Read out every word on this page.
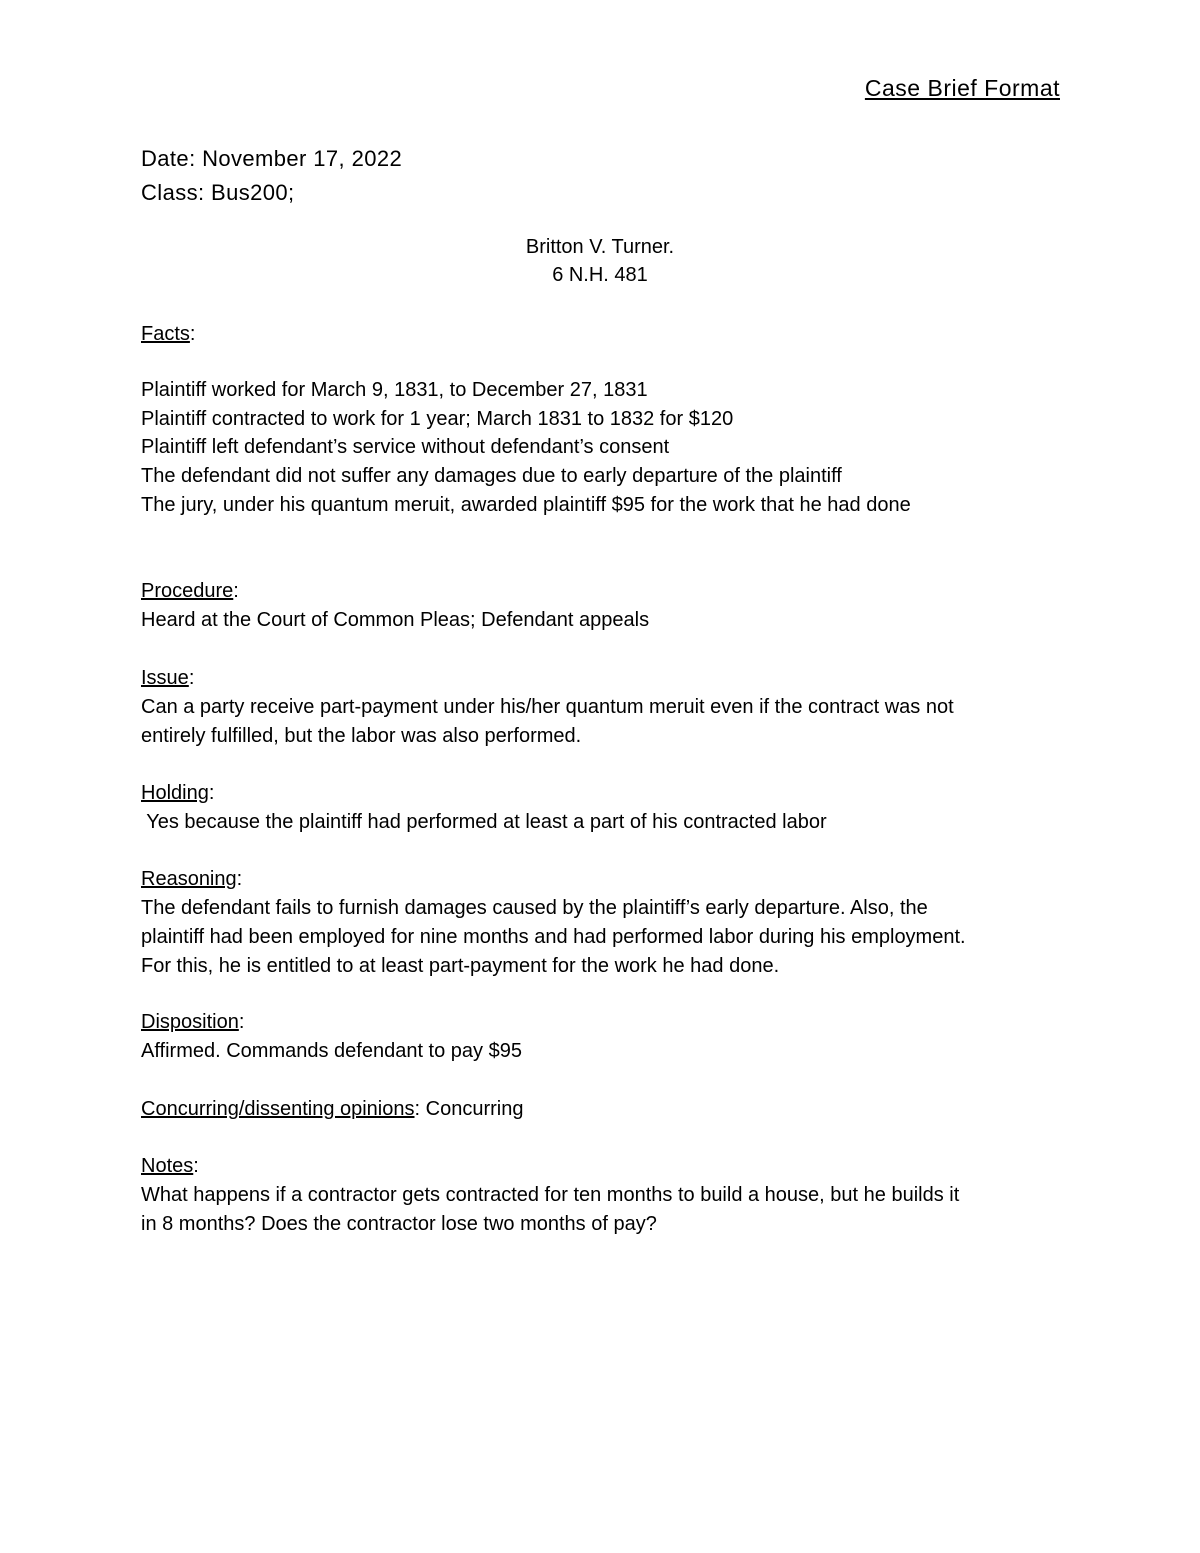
Case Brief Format
Date: November 17, 2022
Class: Bus200;
Britton V. Turner.
6 N.H. 481
Facts:
Plaintiff worked for March 9, 1831, to December 27, 1831
Plaintiff contracted to work for 1 year; March 1831 to 1832 for $120
Plaintiff left defendant’s service without defendant’s consent
The defendant did not suffer any damages due to early departure of the plaintiff
The jury, under his quantum meruit, awarded plaintiff $95 for the work that he had done
Procedure:
Heard at the Court of Common Pleas; Defendant appeals
Issue:
Can a party receive part-payment under his/her quantum meruit even if the contract was not
entirely fulfilled, but the labor was also performed.
Holding:
Yes because the plaintiff had performed at least a part of his contracted labor
Reasoning:
The defendant fails to furnish damages caused by the plaintiff’s early departure. Also, the
plaintiff had been employed for nine months and had performed labor during his employment.
For this, he is entitled to at least part-payment for the work he had done.
Disposition:
Affirmed. Commands defendant to pay $95
Concurring/dissenting opinions: Concurring
Notes:
What happens if a contractor gets contracted for ten months to build a house, but he builds it
in 8 months? Does the contractor lose two months of pay?
